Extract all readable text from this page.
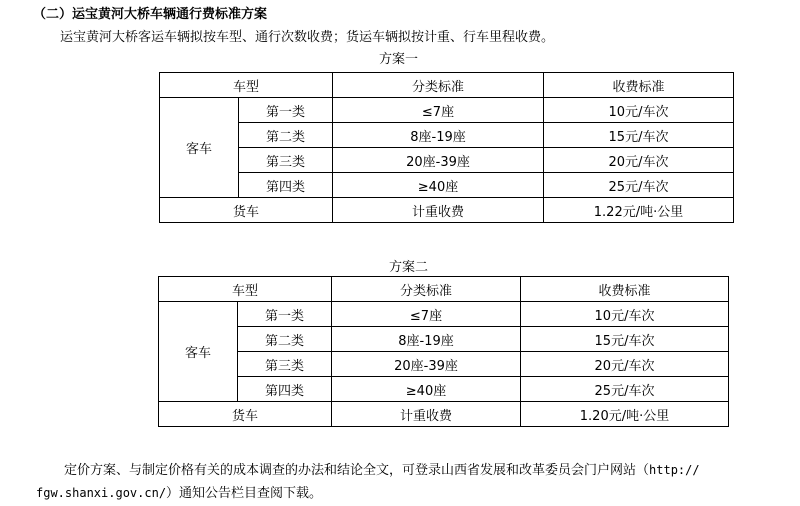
（二）运宝黄河大桥车辆通行费标准方案
运宝黄河大桥客运车辆拟按车型、通行次数收费；货运车辆拟按计重、行车里程收费。
方案一
车型		分类标准	收费标准
客车	第一类	≤7座	10元/车次
	第二类	8座-19座	15元/车次
	第三类	20座-39座	20元/车次
	第四类	≥40座	25元/车次
货车		计重收费	1.22元/吨·公里
方案二
车型		分类标准	收费标准
客车	第一类	≤7座	10元/车次
	第二类	8座-19座	15元/车次
	第三类	20座-39座	20元/车次
	第四类	≥40座	25元/车次
货车		计重收费	1.20元/吨·公里
定价方案、与制定价格有关的成本调查的办法和结论全文，可登录山西省发展和改革委员会门户网站（http:// fgw.shanxi.gov.cn/）通知公告栏目查阅下载。
